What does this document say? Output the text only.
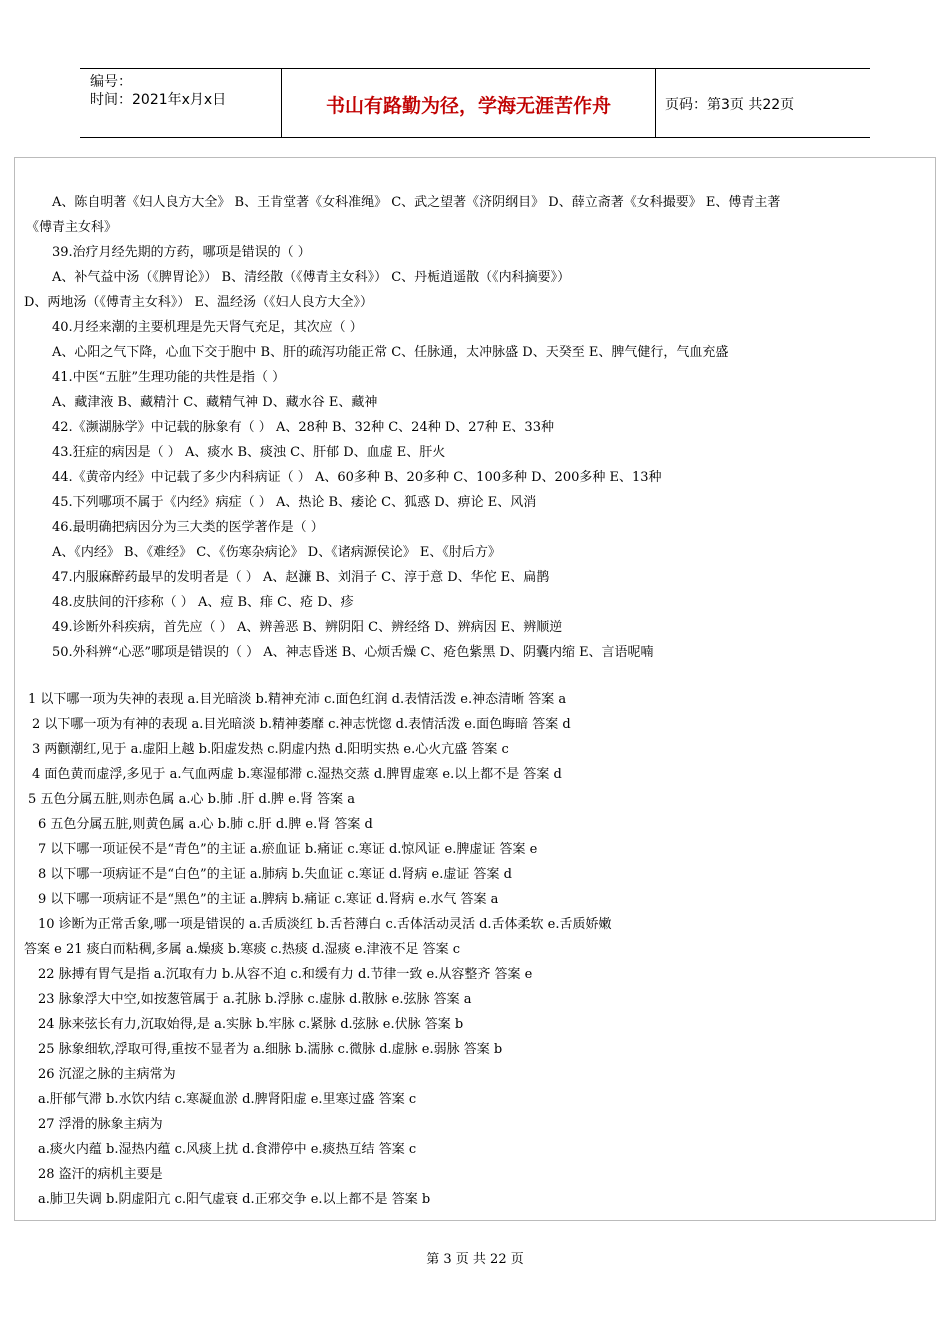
编号：
时间：2021年x月x日	书山有路勤为径，学海无涯苦作舟	页码：第3页 共22页
A、陈自明著《妇人良方大全》 B、王肯堂著《女科准绳》 C、武之望著《济阴纲目》 D、薛立斋著《女科撮要》 E、傅青主著
《傅青主女科》
39.治疗月经先期的方药，哪项是错误的（ ）
A、补气益中汤（《脾胃论》） B、清经散（《傅青主女科》） C、丹栀逍遥散（《内科摘要》）
D、两地汤（《傅青主女科》） E、温经汤（《妇人良方大全》）
40.月经来潮的主要机理是先天肾气充足，其次应（ ）
A、心阳之气下降，心血下交于胞中 B、肝的疏泻功能正常 C、任脉通，太冲脉盛 D、天癸至 E、脾气健行，气血充盛
41.中医“五脏”生理功能的共性是指（ ）
A、藏津液 B、藏精汁 C、藏精气神 D、藏水谷 E、藏神
42.《濒湖脉学》中记载的脉象有（ ） A、28种 B、32种 C、24种 D、27种 E、33种
43.狂症的病因是（ ） A、痰水 B、痰浊 C、肝郁 D、血虚 E、肝火
44.《黄帝内经》中记载了多少内科病证（ ） A、60多种 B、20多种 C、100多种 D、200多种 E、13种
45.下列哪项不属于《内经》病症（ ） A、热论 B、痿论 C、狐惑 D、痹论 E、风消
46.最明确把病因分为三大类的医学著作是（ ）
A、《内经》 B、《难经》 C、《伤寒杂病论》 D、《诸病源侯论》 E、《肘后方》
47.内服麻醉药最早的发明者是（ ） A、赵濂 B、刘涓子 C、淳于意 D、华佗 E、扁鹊
48.皮肤间的汗疹称（ ） A、痘 B、痱 C、疮 D、疹
49.诊断外科疾病，首先应（ ） A、辨善恶 B、辨阴阳 C、辨经络 D、辨病因 E、辨顺逆
50.外科辨“心恶”哪项是错误的（ ） A、神志昏迷 B、心烦舌燥 C、疮色紫黑 D、阴囊内缩 E、言语呢喃
1 以下哪一项为失神的表现 a.目光暗淡 b.精神充沛 c.面色红润 d.表情活泼 e.神态清晰 答案 a
2 以下哪一项为有神的表现 a.目光暗淡 b.精神萎靡 c.神志恍惚 d.表情活泼 e.面色晦暗 答案 d
3 两颧潮红,见于 a.虚阳上越 b.阳虚发热 c.阴虚内热 d.阳明实热 e.心火亢盛 答案 c
4 面色黄而虚浮,多见于 a.气血两虚 b.寒湿郁滞 c.湿热交蒸 d.脾胃虚寒 e.以上都不是 答案 d
5 五色分属五脏,则赤色属 a.心 b.肺 .肝 d.脾 e.肾 答案 a
6 五色分属五脏,则黄色属 a.心 b.肺 c.肝 d.脾 e.肾 答案 d
7 以下哪一项证侯不是“青色”的主证 a.瘀血证 b.痛证 c.寒证 d.惊风证 e.脾虚证 答案 e
8 以下哪一项病证不是“白色”的主证 a.肺病 b.失血证 c.寒证 d.肾病 e.虚证 答案 d
9 以下哪一项病证不是“黑色”的主证 a.脾病 b.痛证 c.寒证 d.肾病 e.水气 答案 a
10 诊断为正常舌象,哪一项是错误的 a.舌质淡红 b.舌苔薄白 c.舌体活动灵活 d.舌体柔软 e.舌质娇嫩
答案 e 21 痰白而粘稠,多属 a.燥痰 b.寒痰 c.热痰 d.湿痰 e.津液不足 答案 c
22 脉搏有胃气是指 a.沉取有力 b.从容不迫 c.和缓有力 d.节律一致 e.从容整齐 答案 e
23 脉象浮大中空,如按葱管属于 a.芤脉 b.浮脉 c.虚脉 d.散脉 e.弦脉 答案 a
24 脉来弦长有力,沉取始得,是 a.实脉 b.牢脉 c.紧脉 d.弦脉 e.伏脉 答案 b
25 脉象细软,浮取可得,重按不显者为 a.细脉 b.濡脉 c.微脉 d.虚脉 e.弱脉 答案 b
26 沉涩之脉的主病常为
a.肝郁气滞 b.水饮内结 c.寒凝血淤 d.脾肾阳虚 e.里寒过盛 答案 c
27 浮滑的脉象主病为
a.痰火内蕴 b.湿热内蕴 c.风痰上扰 d.食滞停中 e.痰热互结 答案 c
28 盗汗的病机主要是
a.肺卫失调 b.阴虚阳亢 c.阳气虚衰 d.正邪交争 e.以上都不是 答案 b
第 3 页 共 22 页
